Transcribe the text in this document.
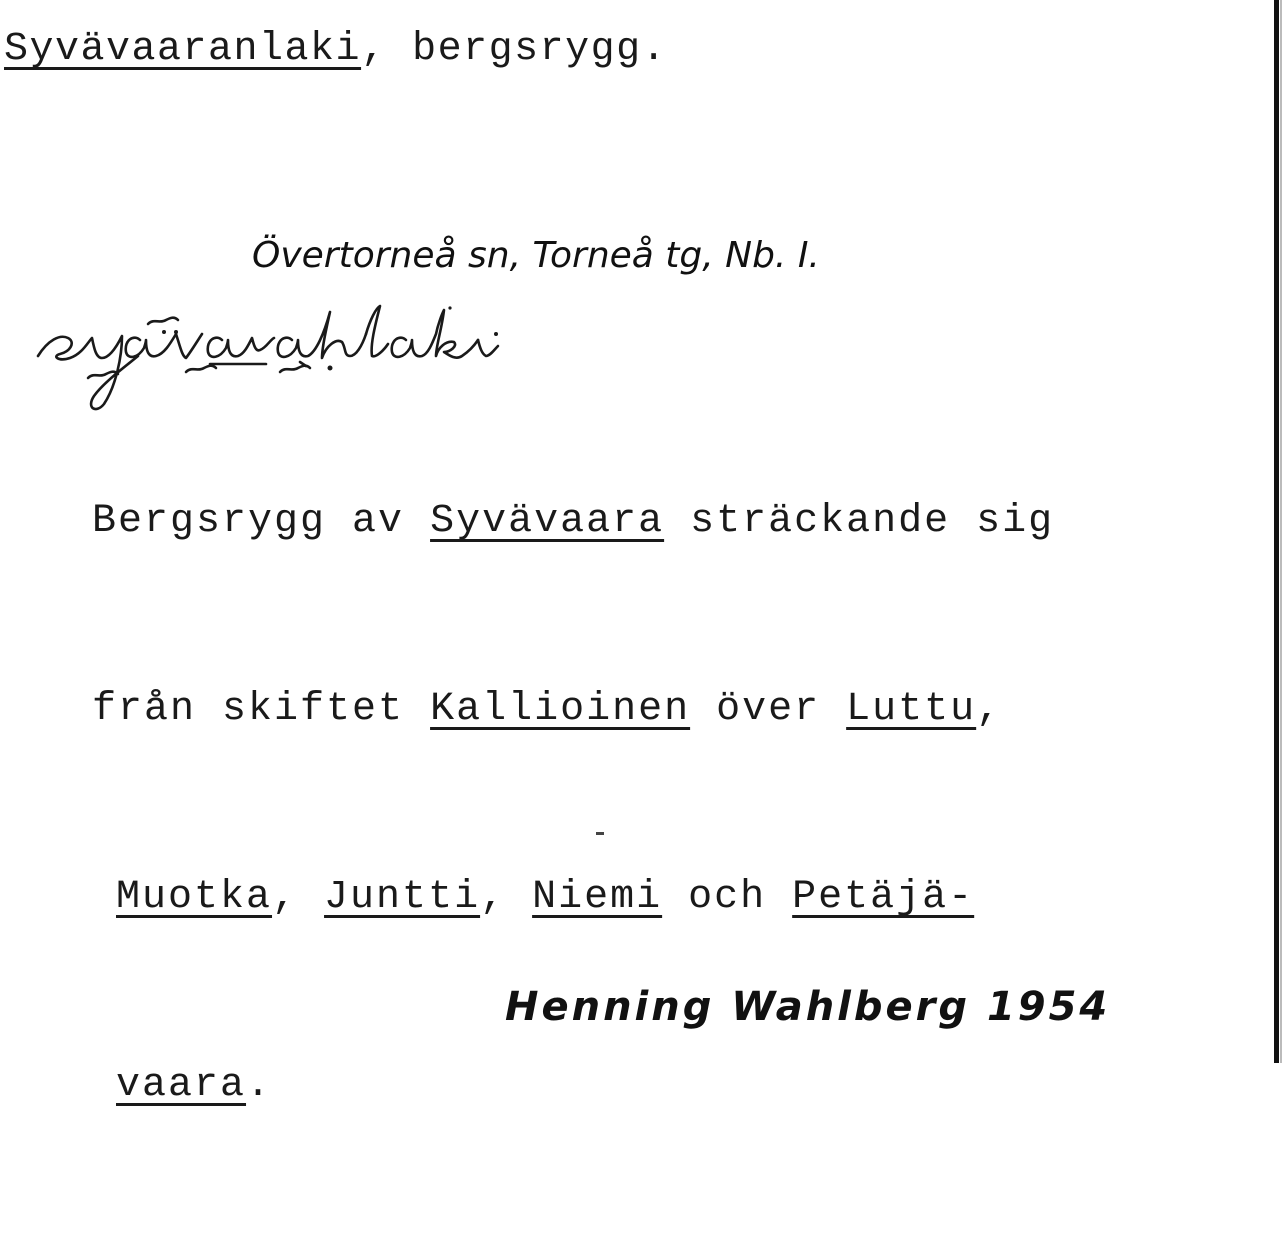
Syvävaaranlaki, bergsrygg.
Övertorneå sn, Torneå tg, Nb. I.

Bergsrygg av Syvävaara sträckande sig

från skiftet Kallioinen över Luttu,

Muotka, Juntti, Niemi och Petäjä-

vaara.

Henning Wahlberg 1954
